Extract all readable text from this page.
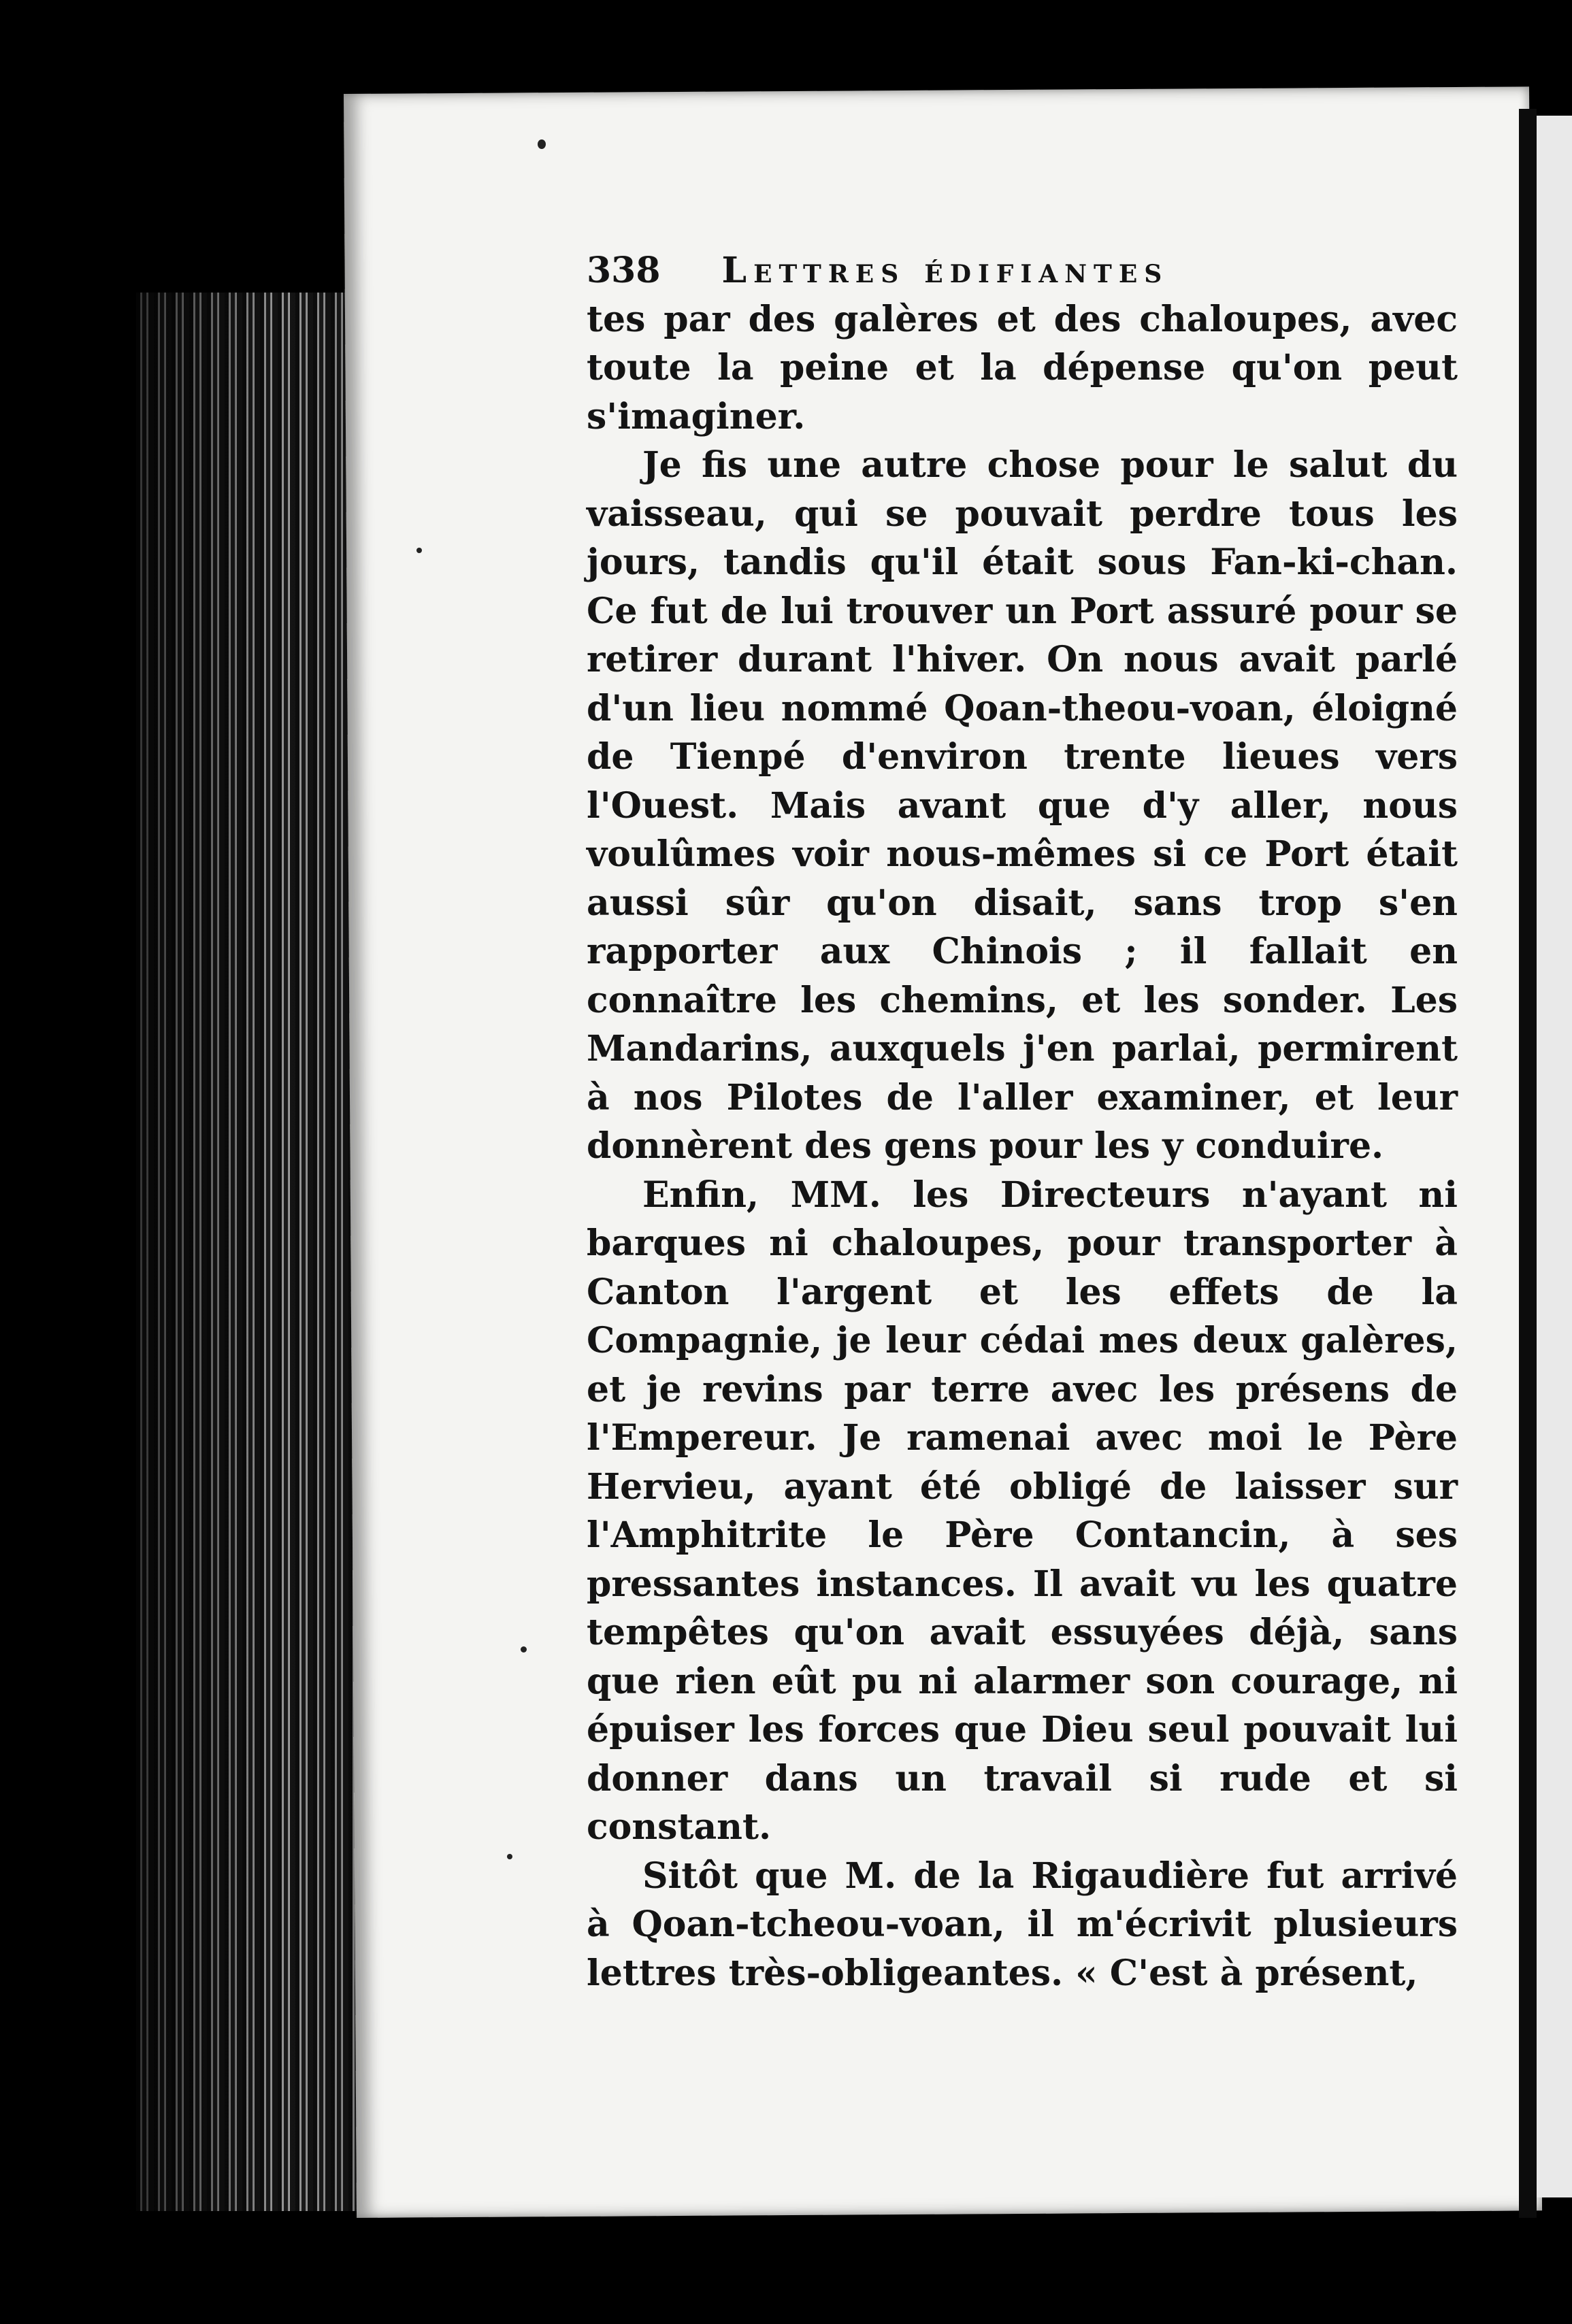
338 Lettres édifiantes

tes par des galères et des chaloupes, avec toute la peine et la dépense qu'on peut s'imaginer.

Je fis une autre chose pour le salut du vaisseau, qui se pouvait perdre tous les jours, tandis qu'il était sous Fan-ki-chan. Ce fut de lui trouver un Port assuré pour se retirer durant l'hiver. On nous avait parlé d'un lieu nommé Qoan-theou-voan, éloigné de Tienpé d'environ trente lieues vers l'Ouest. Mais avant que d'y aller, nous voulûmes voir nous-mêmes si ce Port était aussi sûr qu'on disait, sans trop s'en rapporter aux Chinois ; il fallait en connaître les chemins, et les sonder. Les Mandarins, auxquels j'en parlai, permirent à nos Pilotes de l'aller examiner, et leur donnèrent des gens pour les y conduire.

Enfin, MM. les Directeurs n'ayant ni barques ni chaloupes, pour transporter à Canton l'argent et les effets de la Compagnie, je leur cédai mes deux galères, et je revins par terre avec les présens de l'Empereur. Je ramenai avec moi le Père Hervieu, ayant été obligé de laisser sur l'Amphitrite le Père Contancin, à ses pressantes instances. Il avait vu les quatre tempêtes qu'on avait essuyées déjà, sans que rien eût pu ni alarmer son courage, ni épuiser les forces que Dieu seul pouvait lui donner dans un travail si rude et si constant.

Sitôt que M. de la Rigaudière fut arrivé à Qoan-tcheou-voan, il m'écrivit plusieurs lettres très-obligeantes. « C'est à présent,
